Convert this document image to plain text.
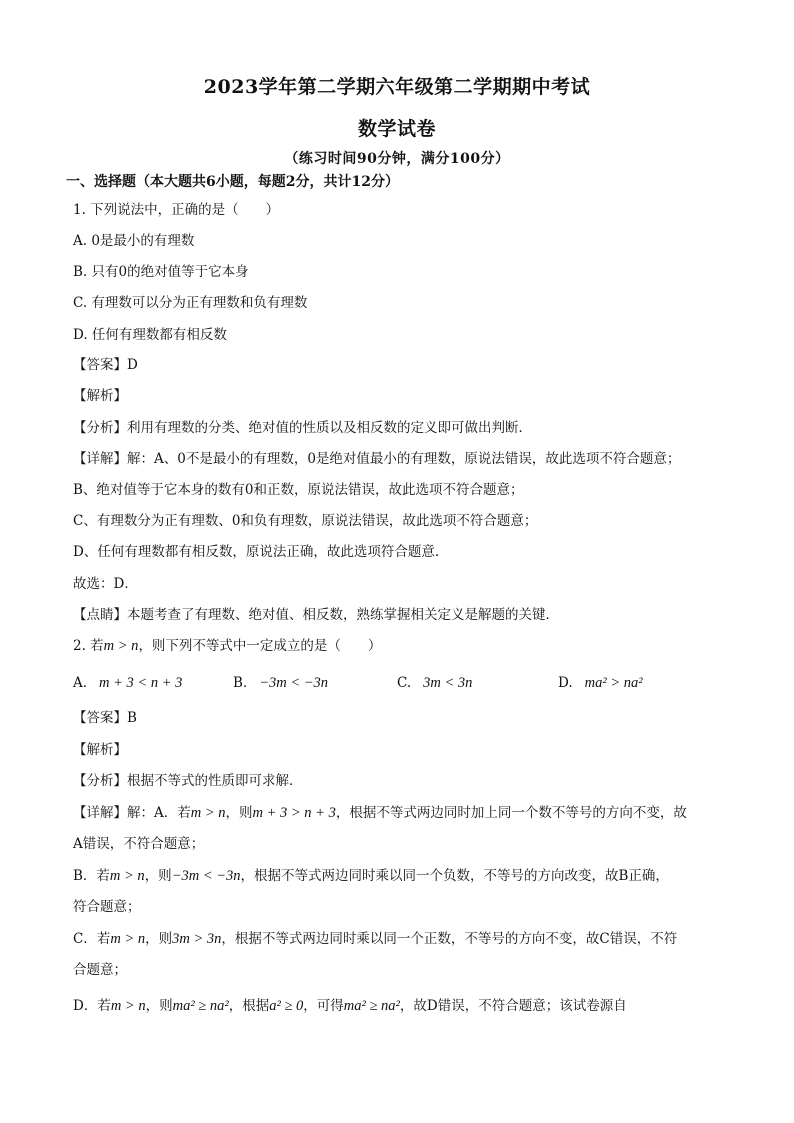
2023学年第二学期六年级第二学期期中考试
数学试卷
（练习时间90分钟，满分100分）
一、选择题（本大题共6小题，每题2分，共计12分）
1. 下列说法中，正确的是（　　）
A. 0是最小的有理数
B. 只有0的绝对值等于它本身
C. 有理数可以分为正有理数和负有理数
D. 任何有理数都有相反数
【答案】D
【解析】
【分析】利用有理数的分类、绝对值的性质以及相反数的定义即可做出判断．
【详解】解：A、0不是最小的有理数，0是绝对值最小的有理数，原说法错误，故此选项不符合题意；
B、绝对值等于它本身的数有0和正数，原说法错误，故此选项不符合题意；
C、有理数分为正有理数、0和负有理数，原说法错误，故此选项不符合题意；
D、任何有理数都有相反数，原说法正确，故此选项符合题意．
故选：D．
【点睛】本题考查了有理数、绝对值、相反数，熟练掌握相关定义是解题的关键．
2. 若m > n，则下列不等式中一定成立的是（　　）
A. m + 3 < n + 3	B. −3m < −3n	C. 3m < 3n	D. ma² > na²
【答案】B
【解析】
【分析】根据不等式的性质即可求解．
【详解】解：A．若m > n，则m + 3 > n + 3，根据不等式两边同时加上同一个数不等号的方向不变，故
A错误，不符合题意；
B．若m > n，则−3m < −3n，根据不等式两边同时乘以同一个负数，不等号的方向改变，故B正确，
符合题意；
C．若m > n，则3m > 3n，根据不等式两边同时乘以同一个正数，不等号的方向不变，故C错误，不符
合题意；
D．若m > n，则ma² ≥ na²，根据a² ≥ 0，可得ma² ≥ na²，故D错误，不符合题意；该试卷源自
